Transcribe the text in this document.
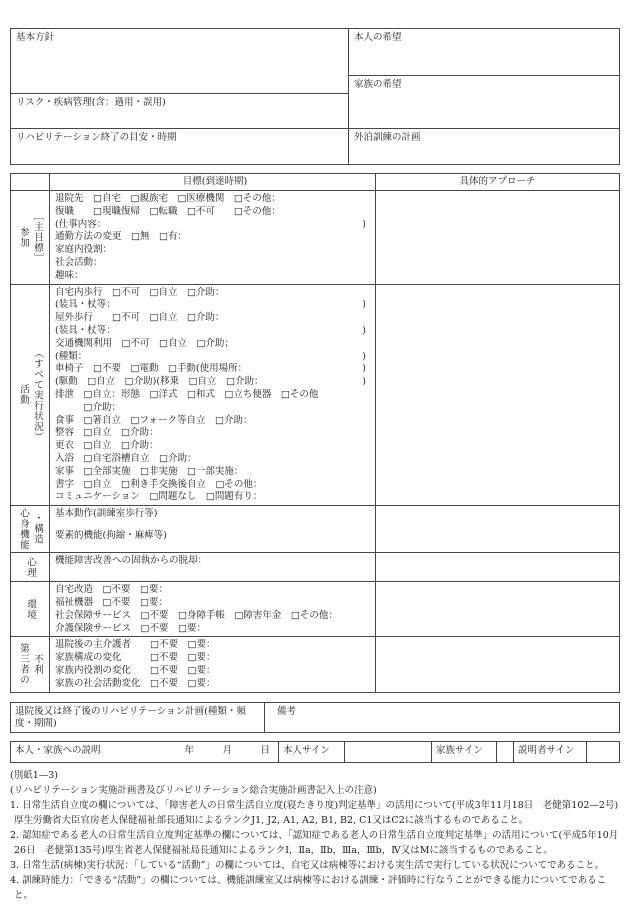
基本方針
リスク・疾病管理(含：過用・誤用)
リハビリテーション終了の目安・時期
本人の希望
家族の希望
外泊訓練の計画
目標(到達時期)	具体的アプローチ
参加 ［主目標］
退院先　□自宅　□親族宅　□医療機関　□その他：
復職　　□現職復帰　□転職　□不可　　□その他：
(仕事内容：	)
通勤方法の変更　□無　□有：
家庭内役割：
社会活動：
趣味：
活動 （すべて実行状況）
自宅内歩行　□不可　□自立　□介助：
(装具・杖等：	)
屋外歩行　　□不可　□自立　□介助：
(装具・杖等：	)
交通機関利用　□不可　□自立　□介助；
(種類：	)
車椅子　□不要　□電動　□手動(使用場所：	)
(駆動　□自立　□介助)(移乗　□自立　□介助：	)
排泄　□自立：形態　□洋式　□和式　□立ち便器　□その他
　　　□介助：
食事　□箸自立　□フォーク等自立　□介助：
整容　□自立　□介助：
更衣　□自立　□介助：
入浴　□自宅浴槽自立　□介助：
家事　□全部実施　□非実施　□一部実施：
書字　□自立　□利き手交換後自立　□その他：
コミュニケーション　□問題なし　□問題有り：
心身機能 ・構造 基本動作(訓練室歩行等)
要素的機能(拘縮・麻痺等)
心理 機能障害改善への固執からの脱却：
環境
自宅改造　□不要　□要：
福祉機器　□不要　□要：
社会保障サービス　□不要　□身障手帳　□障害年金　□その他：
介護保険サービス　□不要　□要：
第三者の 不利
退院後の主介護者　　□不要　□要：
家族構成の変化　　　□不要　□要：
家族内役割の変化　　□不要　□要：
家族の社会活動変化　□不要　□要：
退院後又は終了後のリハビリテーション計画(種類・頻度・期間)
備考
本人・家族への説明	年　　　月　　　日 本人サイン	家族サイン	説明者サイン
(別紙1—3)
(リハビリテーション実施計画書及びリハビリテーション総合実施計画書記入上の注意)
1. 日常生活自立度の欄については、「障害老人の日常生活自立度(寝たきり度)判定基準」の活用について(平成3年11月18日　老健第102—2号)厚生労働省大臣官房老人保健福祉部長通知によるランクJ1, J2, A1, A2, B1, B2, C1又はC2に該当するものであること。
2. 認知症である老人の日常生活自立度判定基準の欄については、「認知症である老人の日常生活自立度判定基準」の活用について(平成5年10月26日　老健第135号)厚生省老人保健福祉局長通知によるランクⅠ，Ⅱa，Ⅱb，Ⅲa，Ⅲb，Ⅳ又はMに該当するものであること。
3. 日常生活(病棟)実行状況：「している“活動”」の欄については、自宅又は病棟等における実生活で実行している状況についてであること。
4. 訓練時能力：「できる“活動”」の欄については、機能訓練室又は病棟等における訓練・評価時に行なうことができる能力についてであること。
